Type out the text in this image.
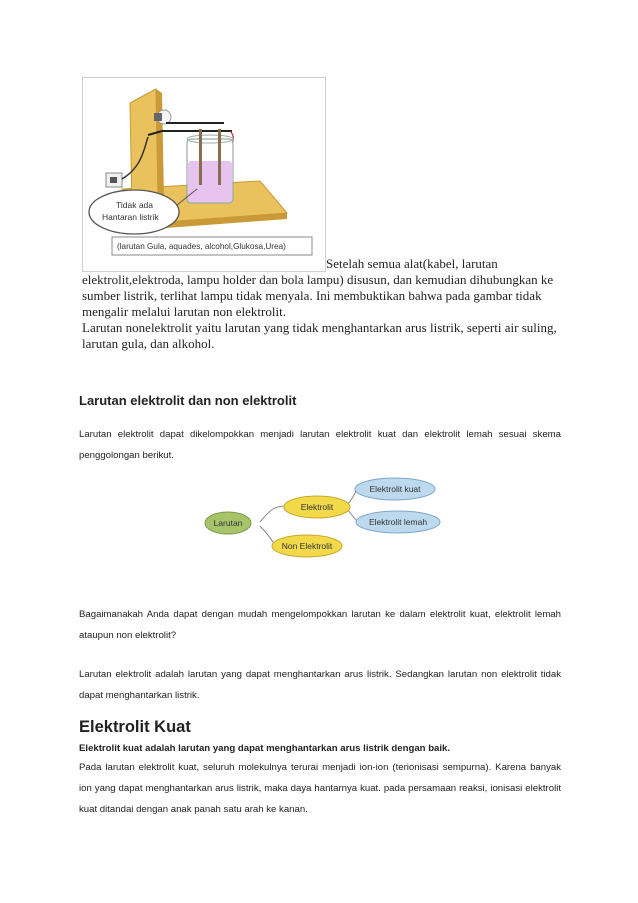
Tidak ada
Hantaran listrik
(larutan Gula, aquades, alcohol,Glukosa,Urea)
Setelah semua alat(kabel, larutan

elektrolit,elektroda, lampu holder dan bola lampu) disusun, dan kemudian dihubungkan ke sumber listrik, terlihat lampu tidak menyala. Ini membuktikan bahwa pada gambar tidak mengalir melalui larutan non elektrolit.

Larutan nonelektrolit yaitu larutan yang tidak menghantarkan arus listrik, seperti air suling, larutan gula, dan alkohol.

Larutan elektrolit dan non elektrolit

Larutan elektrolit dapat dikelompokkan menjadi larutan elektrolit kuat dan elektrolit lemah sesuai skema penggolongan berikut.

Larutan
Elektrolit
Non Elektrolit
Elektrolit kuat
Elektrolit lemah

Bagaimanakah Anda dapat dengan mudah mengelompokkan larutan ke dalam elektrolit kuat, elektrolit lemah ataupun non elektrolit?

Larutan elektrolit adalah larutan yang dapat menghantarkan arus listrik. Sedangkan larutan non elektrolit tidak dapat menghantarkan listrik.

Elektrolit Kuat

Elektrolit kuat adalah larutan yang dapat menghantarkan arus listrik dengan baik.

Pada larutan elektrolit kuat, seluruh molekulnya terurai menjadi ion-ion (terionisasi sempurna). Karena banyak ion yang dapat menghantarkan arus listrik, maka daya hantarnya kuat. pada persamaan reaksi, ionisasi elektrolit kuat ditandai dengan anak panah satu arah ke kanan.
